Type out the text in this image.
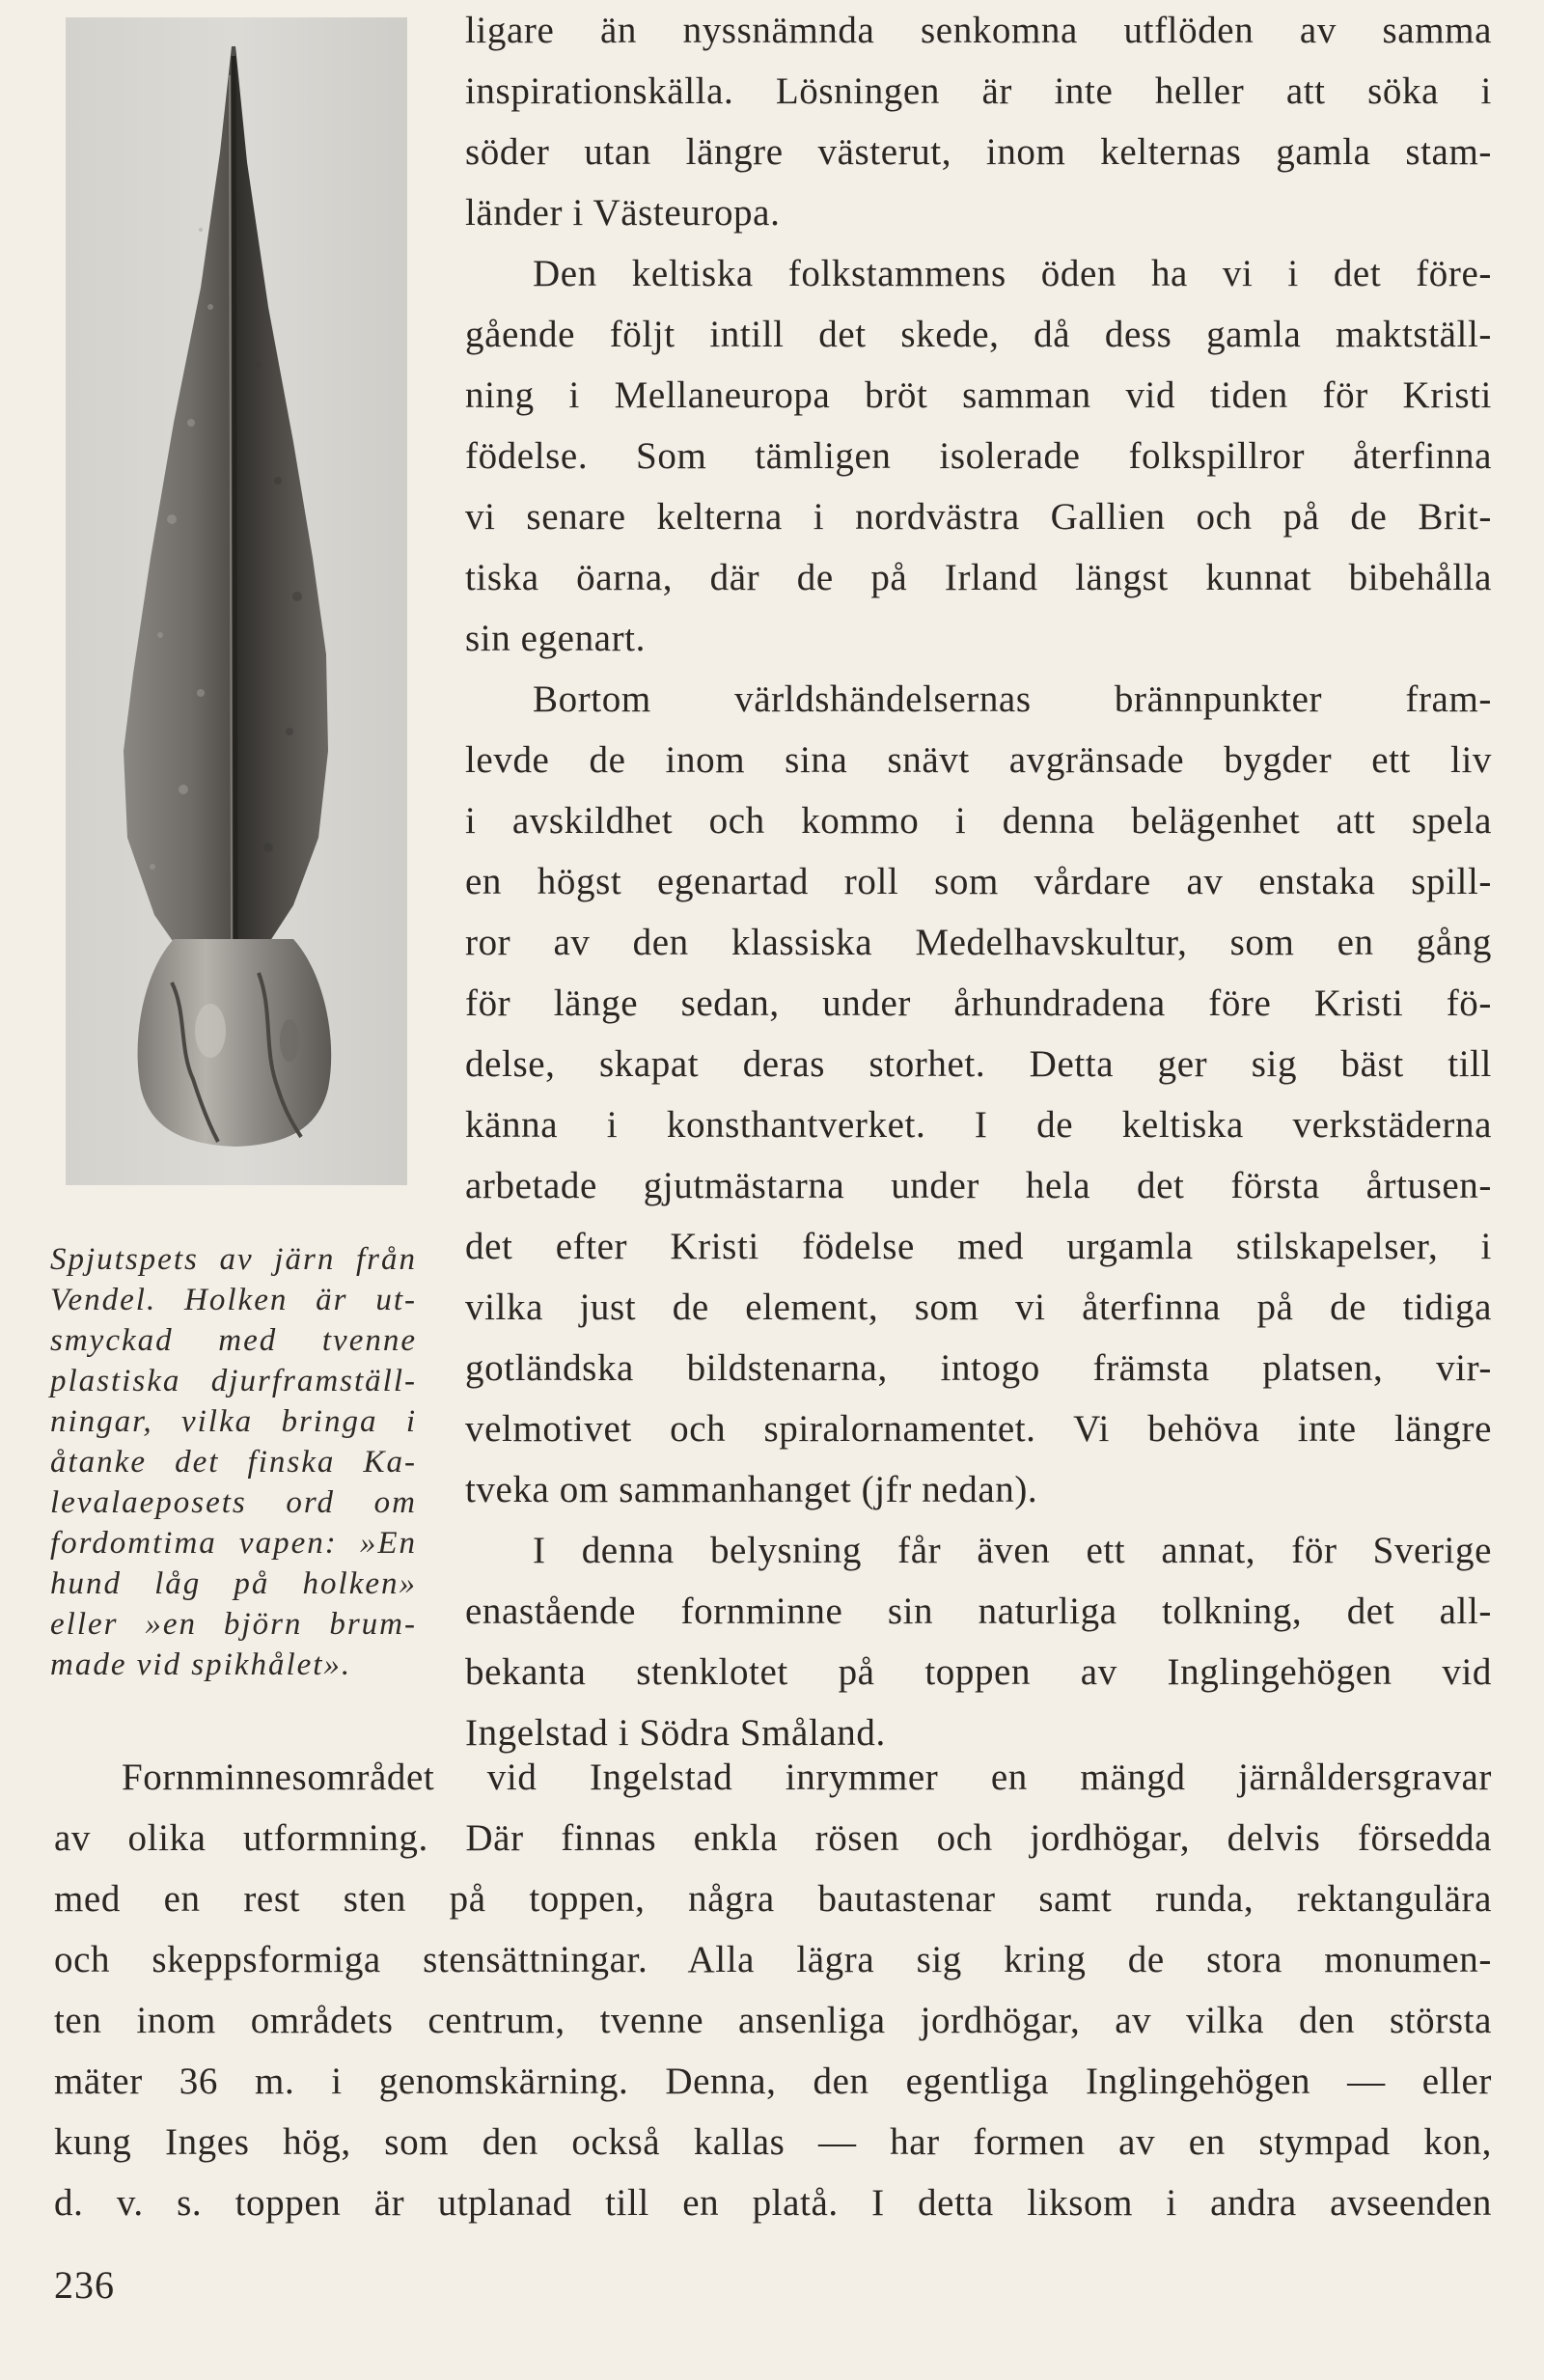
Spjutspets av järn från
Vendel. Holken är ut-
smyckad med tvenne
plastiska djurframställ-
ningar, vilka bringa i
åtanke det finska Ka-
levalaeposets ord om
fordomtima vapen: »En
hund låg på holken»
eller »en björn brum-
made vid spikhålet».
ligare än nyssnämnda senkomna utflöden av samma
inspirationskälla. Lösningen är inte heller att söka i
söder utan längre västerut, inom kelternas gamla stam-
länder i Västeuropa.
Den keltiska folkstammens öden ha vi i det före-
gående följt intill det skede, då dess gamla maktställ-
ning i Mellaneuropa bröt samman vid tiden för Kristi
födelse. Som tämligen isolerade folkspillror återfinna
vi senare kelterna i nordvästra Gallien och på de Brit-
tiska öarna, där de på Irland längst kunnat bibehålla
sin egenart.
Bortom världshändelsernas brännpunkter fram-
levde de inom sina snävt avgränsade bygder ett liv
i avskildhet och kommo i denna belägenhet att spela
en högst egenartad roll som vårdare av enstaka spill-
ror av den klassiska Medelhavskultur, som en gång
för länge sedan, under århundradena före Kristi fö-
delse, skapat deras storhet. Detta ger sig bäst till
känna i konsthantverket. I de keltiska verkstäderna
arbetade gjutmästarna under hela det första årtusen-
det efter Kristi födelse med urgamla stilskapelser, i
vilka just de element, som vi återfinna på de tidiga
gotländska bildstenarna, intogo främsta platsen, vir-
velmotivet och spiralornamentet. Vi behöva inte längre
tveka om sammanhanget (jfr nedan).
I denna belysning får även ett annat, för Sverige
enastående fornminne sin naturliga tolkning, det all-
bekanta stenklotet på toppen av Inglingehögen vid
Ingelstad i Södra Småland.
Fornminnesområdet vid Ingelstad inrymmer en mängd järnåldersgravar
av olika utformning. Där finnas enkla rösen och jordhögar, delvis försedda
med en rest sten på toppen, några bautastenar samt runda, rektangulära
och skeppsformiga stensättningar. Alla lägra sig kring de stora monumen-
ten inom områdets centrum, tvenne ansenliga jordhögar, av vilka den största
mäter 36 m. i genomskärning. Denna, den egentliga Inglingehögen — eller
kung Inges hög, som den också kallas — har formen av en stympad kon,
d. v. s. toppen är utplanad till en platå. I detta liksom i andra avseenden
236
